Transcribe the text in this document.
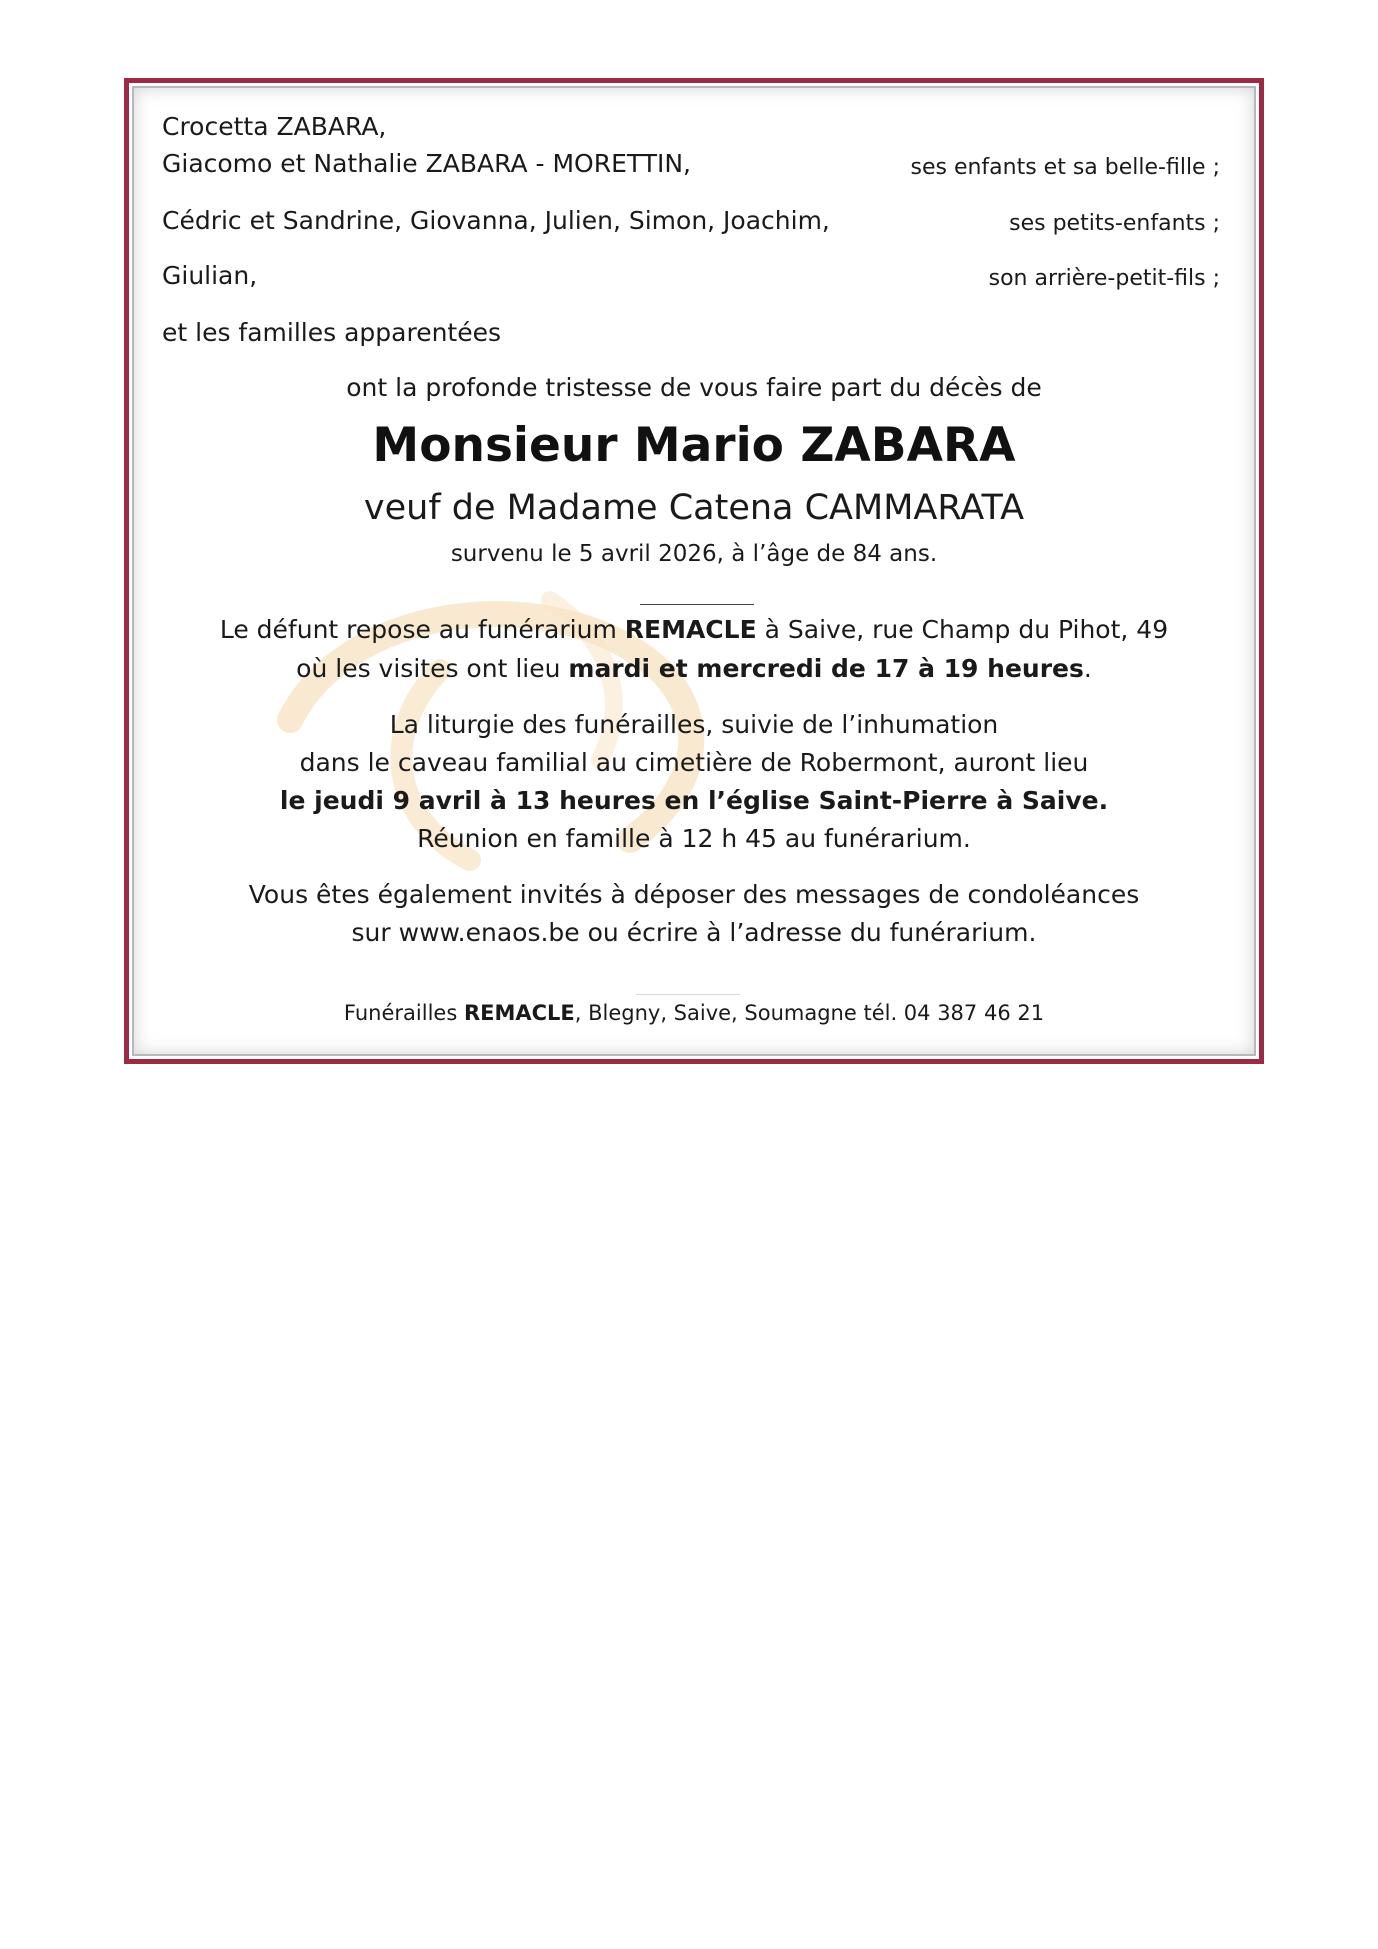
Crocetta ZABARA,
Giacomo et Nathalie ZABARA - MORETTIN,	ses enfants et sa belle-fille ;
Cédric et Sandrine, Giovanna, Julien, Simon, Joachim,	ses petits-enfants ;
Giulian,	son arrière-petit-fils ;
et les familles apparentées
ont la profonde tristesse de vous faire part du décès de
Monsieur Mario ZABARA
veuf de Madame Catena CAMMARATA
survenu le 5 avril 2026, à l’âge de 84 ans.
Le défunt repose au funérarium REMACLE à Saive, rue Champ du Pihot, 49
où les visites ont lieu mardi et mercredi de 17 à 19 heures.
La liturgie des funérailles, suivie de l’inhumation
dans le caveau familial au cimetière de Robermont, auront lieu
le jeudi 9 avril à 13 heures en l’église Saint-Pierre à Saive.
Réunion en famille à 12 h 45 au funérarium.
Vous êtes également invités à déposer des messages de condoléances
sur www.enaos.be ou écrire à l’adresse du funérarium.
Funérailles REMACLE, Blegny, Saive, Soumagne tél. 04 387 46 21
